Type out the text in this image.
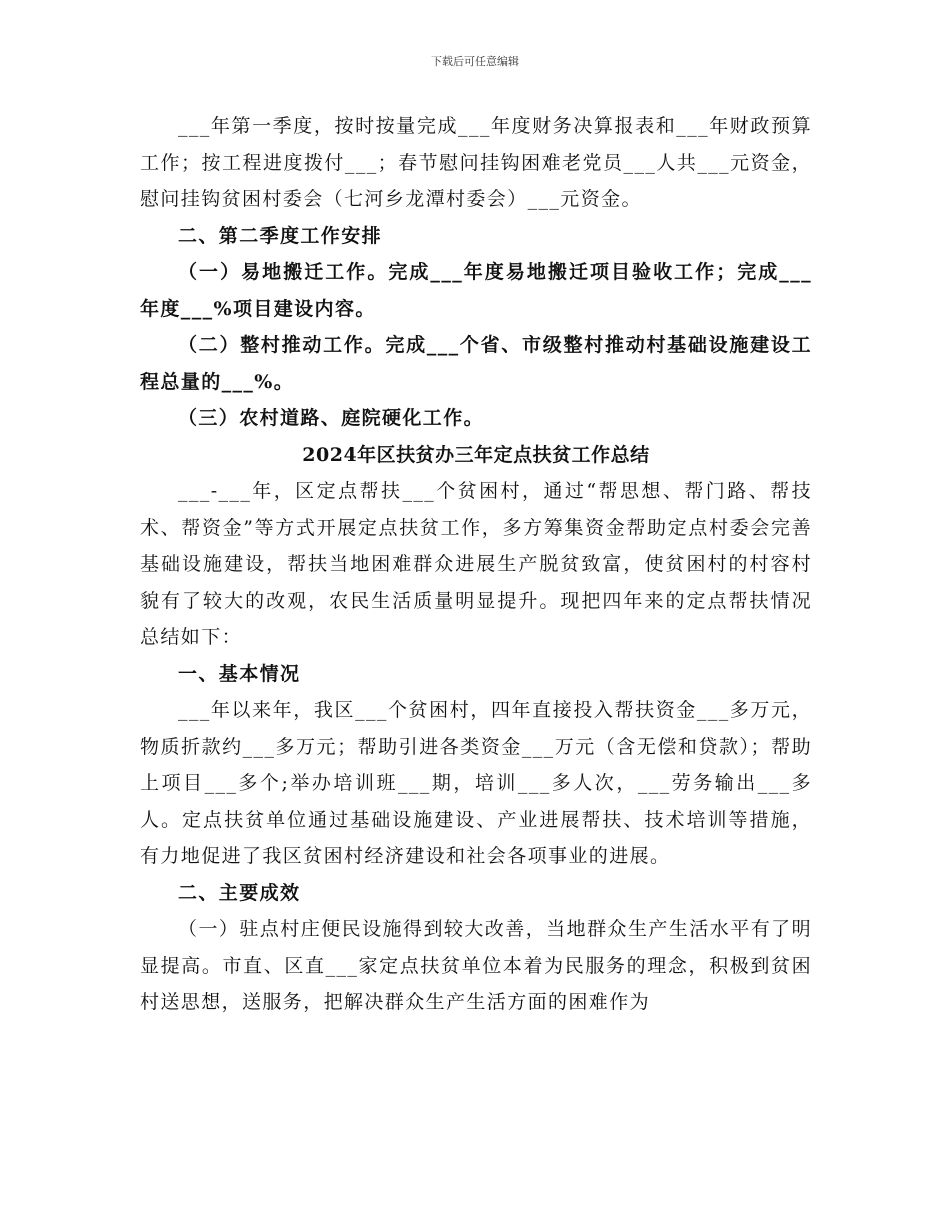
下载后可任意编辑

___年第一季度，按时按量完成___年度财务决算报表和___年财政预算工作；按工程进度拨付___；春节慰问挂钩困难老党员___人共___元资金，慰问挂钩贫困村委会（七河乡龙潭村委会）___元资金。

二、第二季度工作安排

（一）易地搬迁工作。完成___年度易地搬迁项目验收工作；完成___年度___%项目建设内容。

（二）整村推动工作。完成___个省、市级整村推动村基础设施建设工程总量的___%。

（三）农村道路、庭院硬化工作。

2024年区扶贫办三年定点扶贫工作总结

___-___年，区定点帮扶___个贫困村，通过“帮思想、帮门路、帮技术、帮资金”等方式开展定点扶贫工作，多方筹集资金帮助定点村委会完善基础设施建设，帮扶当地困难群众进展生产脱贫致富，使贫困村的村容村貌有了较大的改观，农民生活质量明显提升。现把四年来的定点帮扶情况总结如下：

一、基本情况

___年以来年，我区___个贫困村，四年直接投入帮扶资金___多万元，物质折款约___多万元；帮助引进各类资金___万元（含无偿和贷款）；帮助上项目___多个;举办培训班___期，培训___多人次，___劳务输出___多人。定点扶贫单位通过基础设施建设、产业进展帮扶、技术培训等措施，有力地促进了我区贫困村经济建设和社会各项事业的进展。

二、主要成效

（一）驻点村庄便民设施得到较大改善，当地群众生产生活水平有了明显提高。市直、区直___家定点扶贫单位本着为民服务的理念，积极到贫困村送思想，送服务，把解决群众生产生活方面的困难作为
